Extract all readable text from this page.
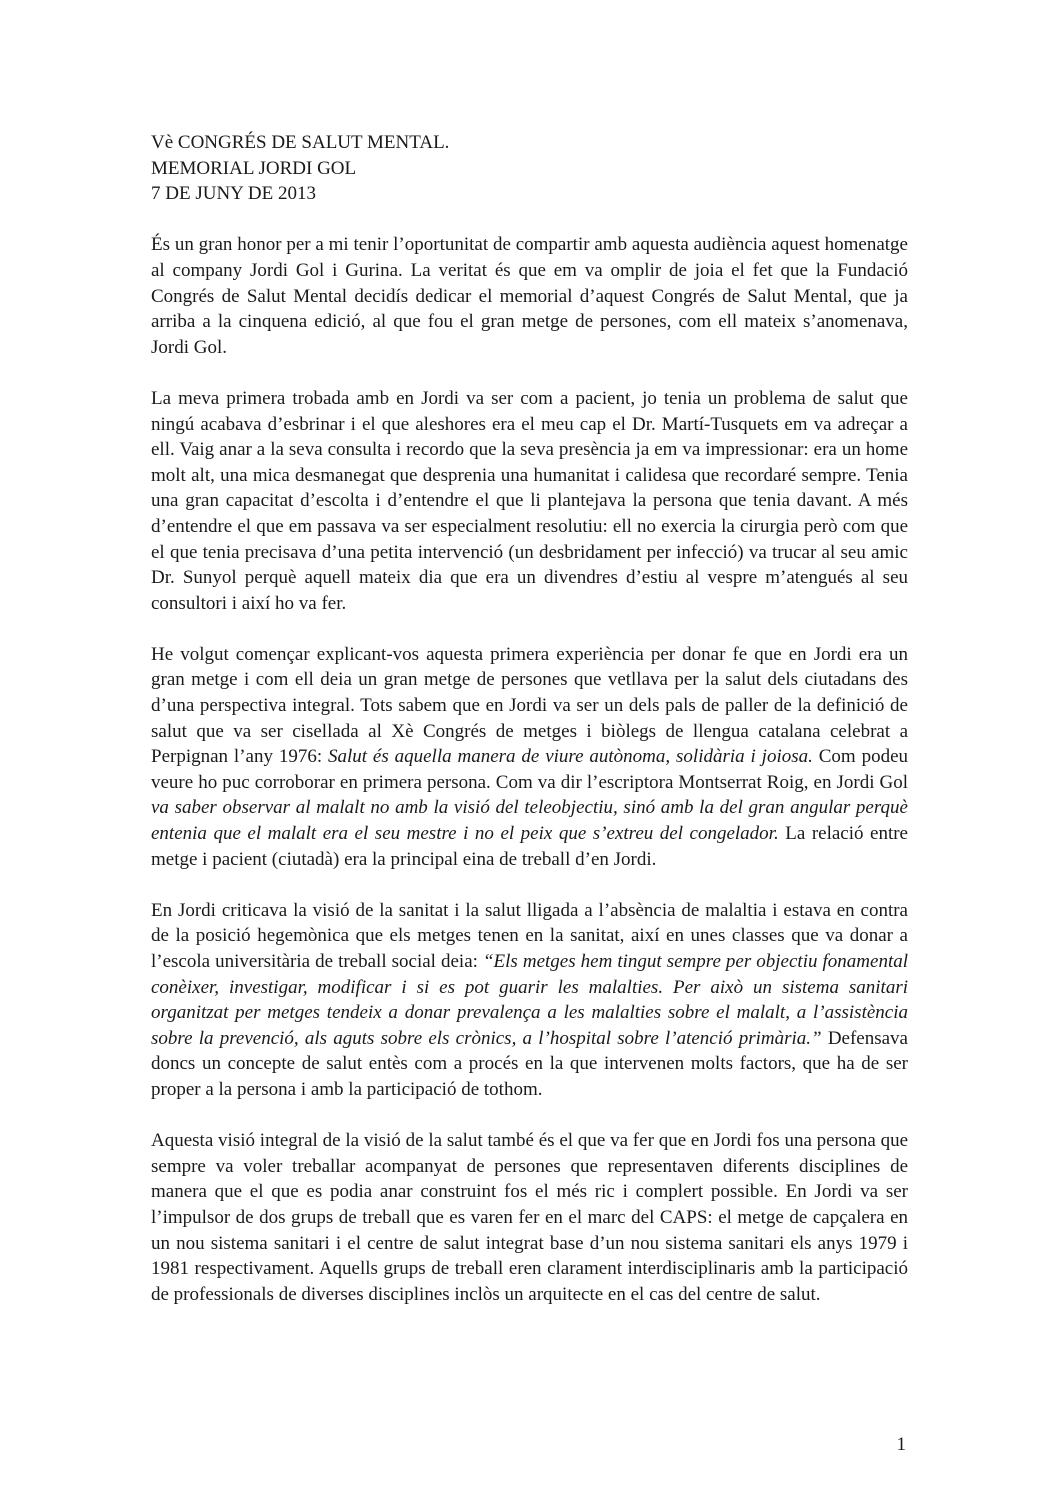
Vè CONGRÉS DE SALUT MENTAL.
MEMORIAL JORDI GOL
7 DE JUNY DE 2013

És un gran honor per a mi tenir l’oportunitat de compartir amb aquesta audiència aquest homenatge al company Jordi Gol i Gurina. La veritat és que em va omplir de joia el fet que la Fundació Congrés de Salut Mental decidís dedicar el memorial d’aquest Congrés de Salut Mental, que ja arriba a la cinquena edició, al que fou el gran metge de persones, com ell mateix s’anomenava, Jordi Gol.

La meva primera trobada amb en Jordi va ser com a pacient, jo tenia un problema de salut que ningú acabava d’esbrinar i el que aleshores era el meu cap el Dr. Martí-Tusquets em va adreçar a ell. Vaig anar a la seva consulta i recordo que la seva presència ja em va impressionar: era un home molt alt, una mica desmanegat que desprenia una humanitat i calidesa que recordaré sempre. Tenia una gran capacitat d’escolta i d’entendre el que li plantejava la persona que tenia davant. A més d’entendre el que em passava va ser especialment resolutiu: ell no exercia la cirurgia però com que el que tenia precisava d’una petita intervenció (un desbridament per infecció) va trucar al seu amic Dr. Sunyol perquè aquell mateix dia que era un divendres d’estiu al vespre m’atengués al seu consultori i així ho va fer.

He volgut començar explicant-vos aquesta primera experiència per donar fe que en Jordi era un gran metge i com ell deia un gran metge de persones que vetllava per la salut dels ciutadans des d’una perspectiva integral. Tots sabem que en Jordi va ser un dels pals de paller de la definició de salut que va ser cisellada al Xè Congrés de metges i biòlegs de llengua catalana celebrat a Perpignan l’any 1976: Salut és aquella manera de viure autònoma, solidària i joiosa. Com podeu veure ho puc corroborar en primera persona. Com va dir l’escriptora Montserrat Roig, en Jordi Gol va saber observar al malalt no amb la visió del teleobjectiu, sinó amb la del gran angular perquè entenia que el malalt era el seu mestre i no el peix que s’extreu del congelador. La relació entre metge i pacient (ciutadà) era la principal eina de treball d’en Jordi.

En Jordi criticava la visió de la sanitat i la salut lligada a l’absència de malaltia i estava en contra de la posició hegemònica que els metges tenen en la sanitat, així en unes classes que va donar a l’escola universitària de treball social deia: “Els metges hem tingut sempre per objectiu fonamental conèixer, investigar, modificar i si es pot guarir les malalties. Per això un sistema sanitari organitzat per metges tendeix a donar prevalença a les malalties sobre el malalt, a l’assistència sobre la prevenció, als aguts sobre els crònics, a l’hospital sobre l’atenció primària.” Defensava doncs un concepte de salut entès com a procés en la que intervenen molts factors, que ha de ser proper a la persona i amb la participació de tothom.

Aquesta visió integral de la visió de la salut també és el que va fer que en Jordi fos una persona que sempre va voler treballar acompanyat de persones que representaven diferents disciplines de manera que el que es podia anar construint fos el més ric i complert possible. En Jordi va ser l’impulsor de dos grups de treball que es varen fer en el marc del CAPS: el metge de capçalera en un nou sistema sanitari i el centre de salut integrat base d’un nou sistema sanitari els anys 1979 i 1981 respectivament. Aquells grups de treball eren clarament interdisciplinaris amb la participació de professionals de diverses disciplines inclòs un arquitecte en el cas del centre de salut.

1
